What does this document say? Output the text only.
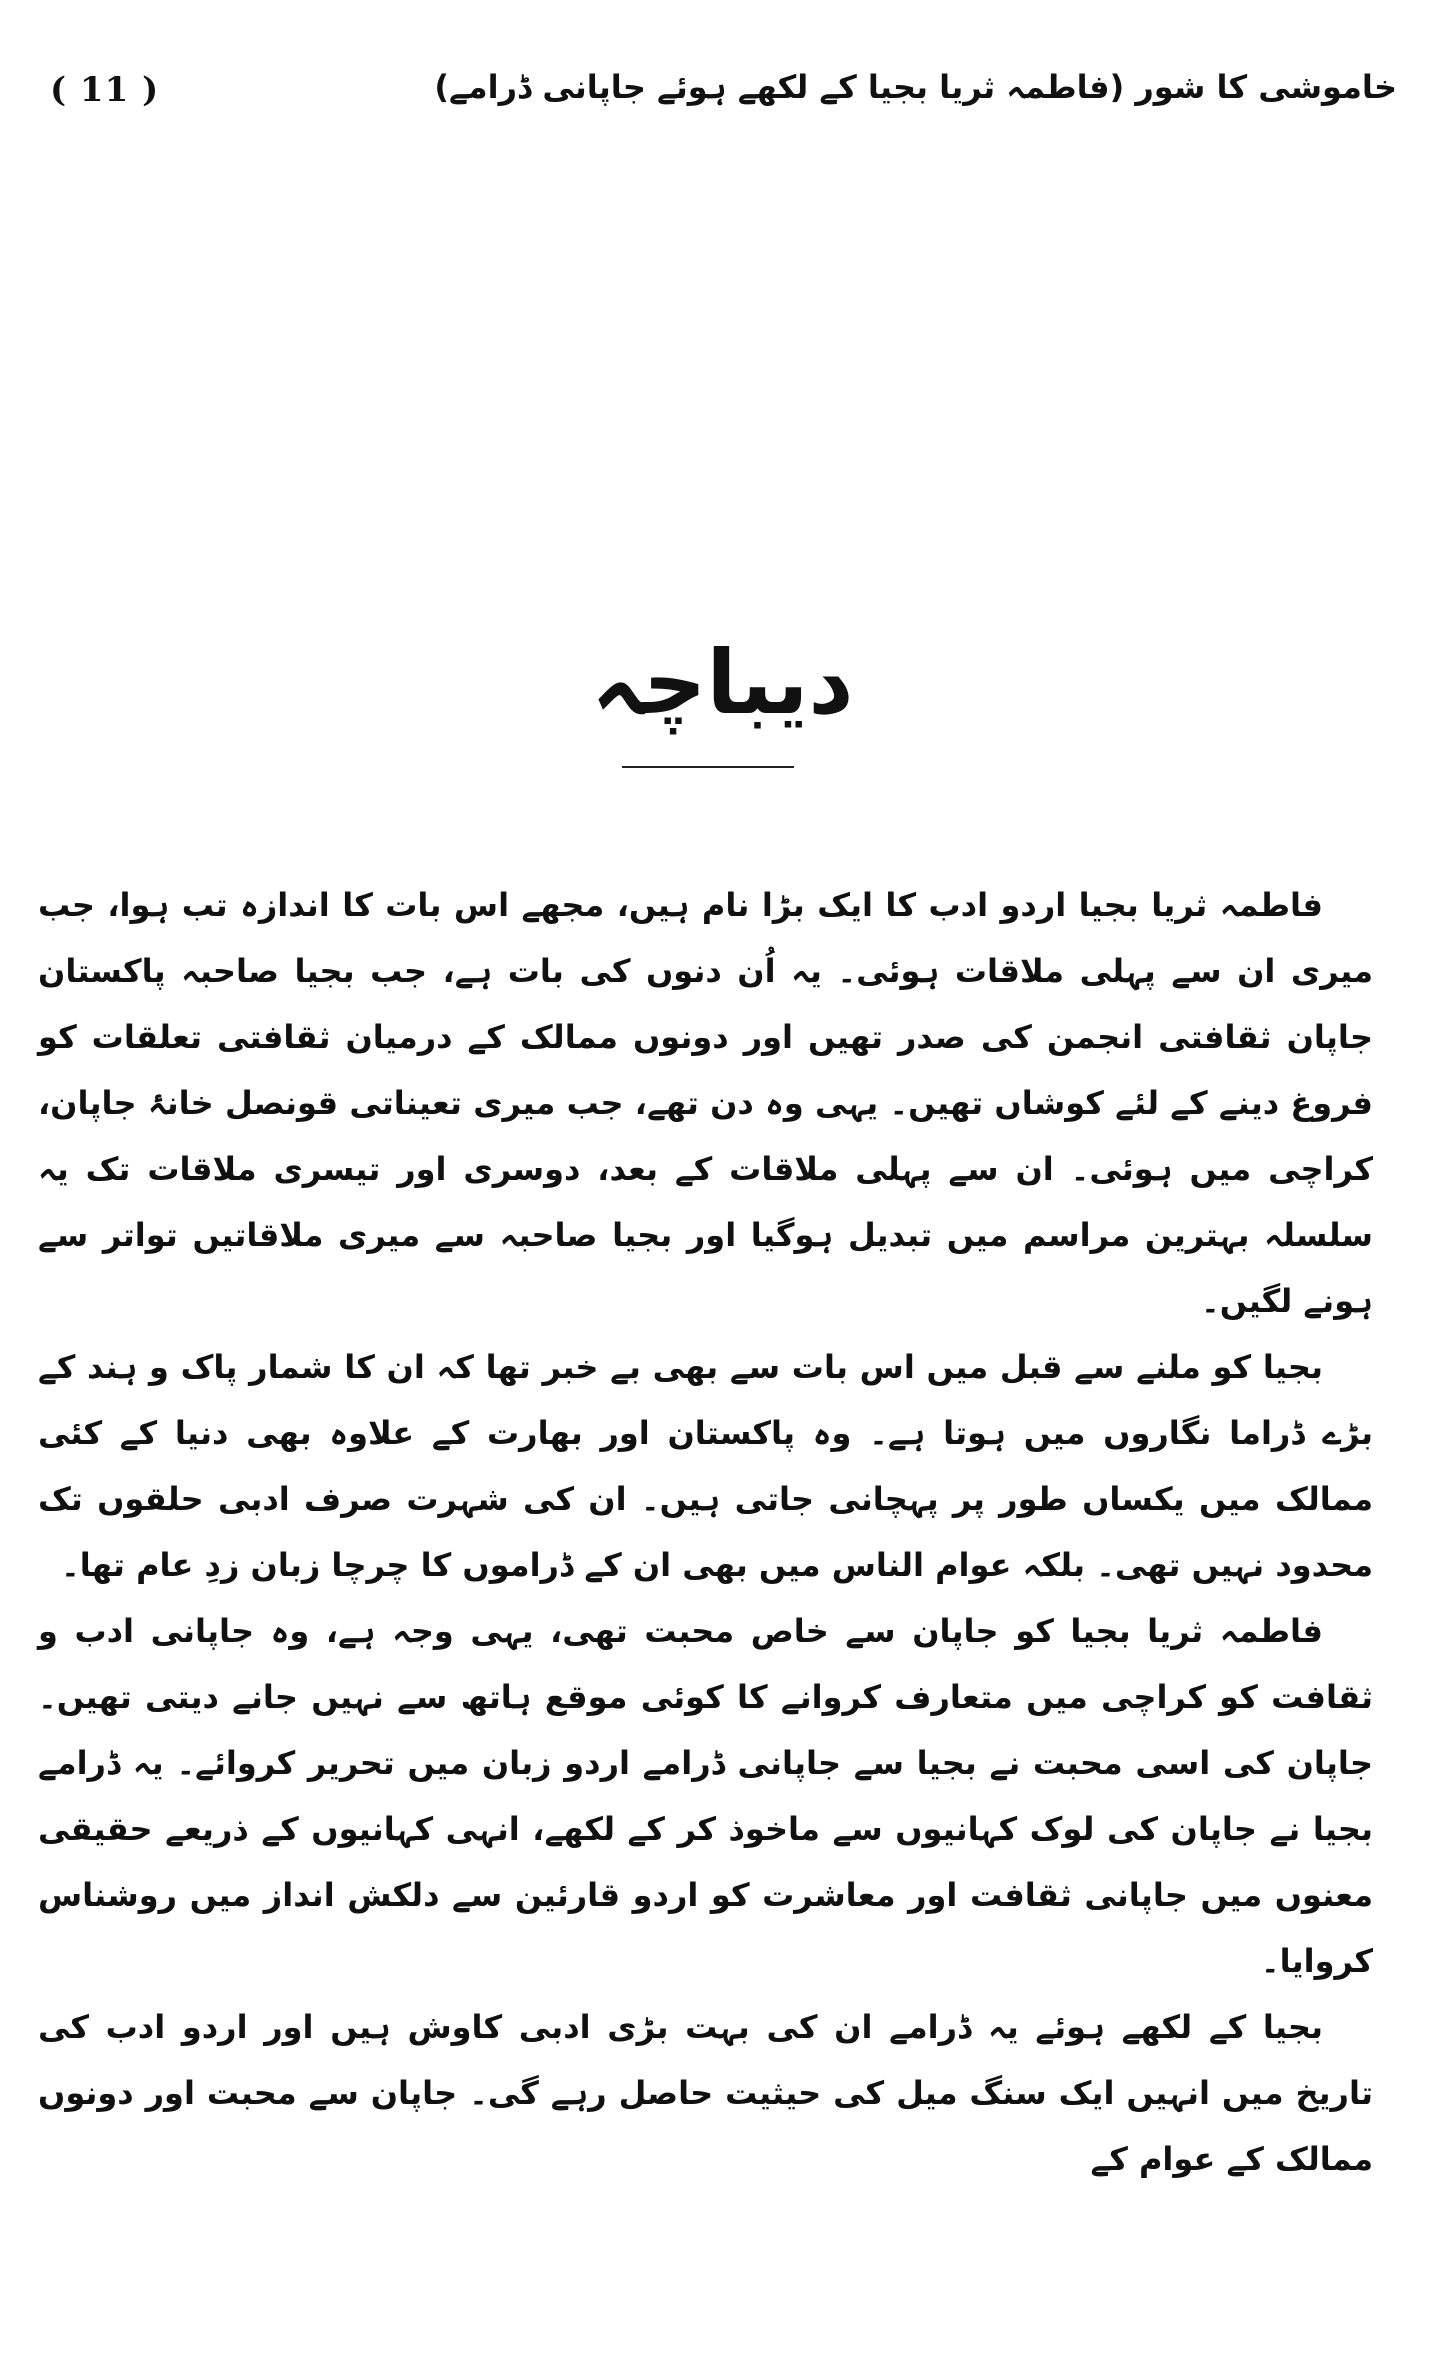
( 11 )	خاموشی کا شور (فاطمہ ثریا بجیا کے لکھے ہوئے جاپانی ڈرامے)
دیباچہ

فاطمہ ثریا بجیا اردو ادب کا ایک بڑا نام ہیں، مجھے اس بات کا اندازہ تب ہوا، جب میری ان سے پہلی ملاقات ہوئی۔ یہ اُن دنوں کی بات ہے، جب بجیا صاحبہ پاکستان جاپان ثقافتی انجمن کی صدر تھیں اور دونوں ممالک کے درمیان ثقافتی تعلقات کو فروغ دینے کے لئے کوشاں تھیں۔ یہی وہ دن تھے، جب میری تعیناتی قونصل خانۂ جاپان، کراچی میں ہوئی۔ ان سے پہلی ملاقات کے بعد، دوسری اور تیسری ملاقات تک یہ سلسلہ بہترین مراسم میں تبدیل ہوگیا اور بجیا صاحبہ سے میری ملاقاتیں تواتر سے ہونے لگیں۔

بجیا کو ملنے سے قبل میں اس بات سے بھی بے خبر تھا کہ ان کا شمار پاک و ہند کے بڑے ڈراما نگاروں میں ہوتا ہے۔ وہ پاکستان اور بھارت کے علاوہ بھی دنیا کے کئی ممالک میں یکساں طور پر پہچانی جاتی ہیں۔ ان کی شہرت صرف ادبی حلقوں تک محدود نہیں تھی۔ بلکہ عوام الناس میں بھی ان کے ڈراموں کا چرچا زبان زدِ عام تھا۔

فاطمہ ثریا بجیا کو جاپان سے خاص محبت تھی، یہی وجہ ہے، وہ جاپانی ادب و ثقافت کو کراچی میں متعارف کروانے کا کوئی موقع ہاتھ سے نہیں جانے دیتی تھیں۔ جاپان کی اسی محبت نے بجیا سے جاپانی ڈرامے اردو زبان میں تحریر کروائے۔ یہ ڈرامے بجیا نے جاپان کی لوک کہانیوں سے ماخوذ کر کے لکھے، انہی کہانیوں کے ذریعے حقیقی معنوں میں جاپانی ثقافت اور معاشرت کو اردو قارئین سے دلکش انداز میں روشناس کروایا۔

بجیا کے لکھے ہوئے یہ ڈرامے ان کی بہت بڑی ادبی کاوش ہیں اور اردو ادب کی تاریخ میں انہیں ایک سنگ میل کی حیثیت حاصل رہے گی۔ جاپان سے محبت اور دونوں ممالک کے عوام کے
